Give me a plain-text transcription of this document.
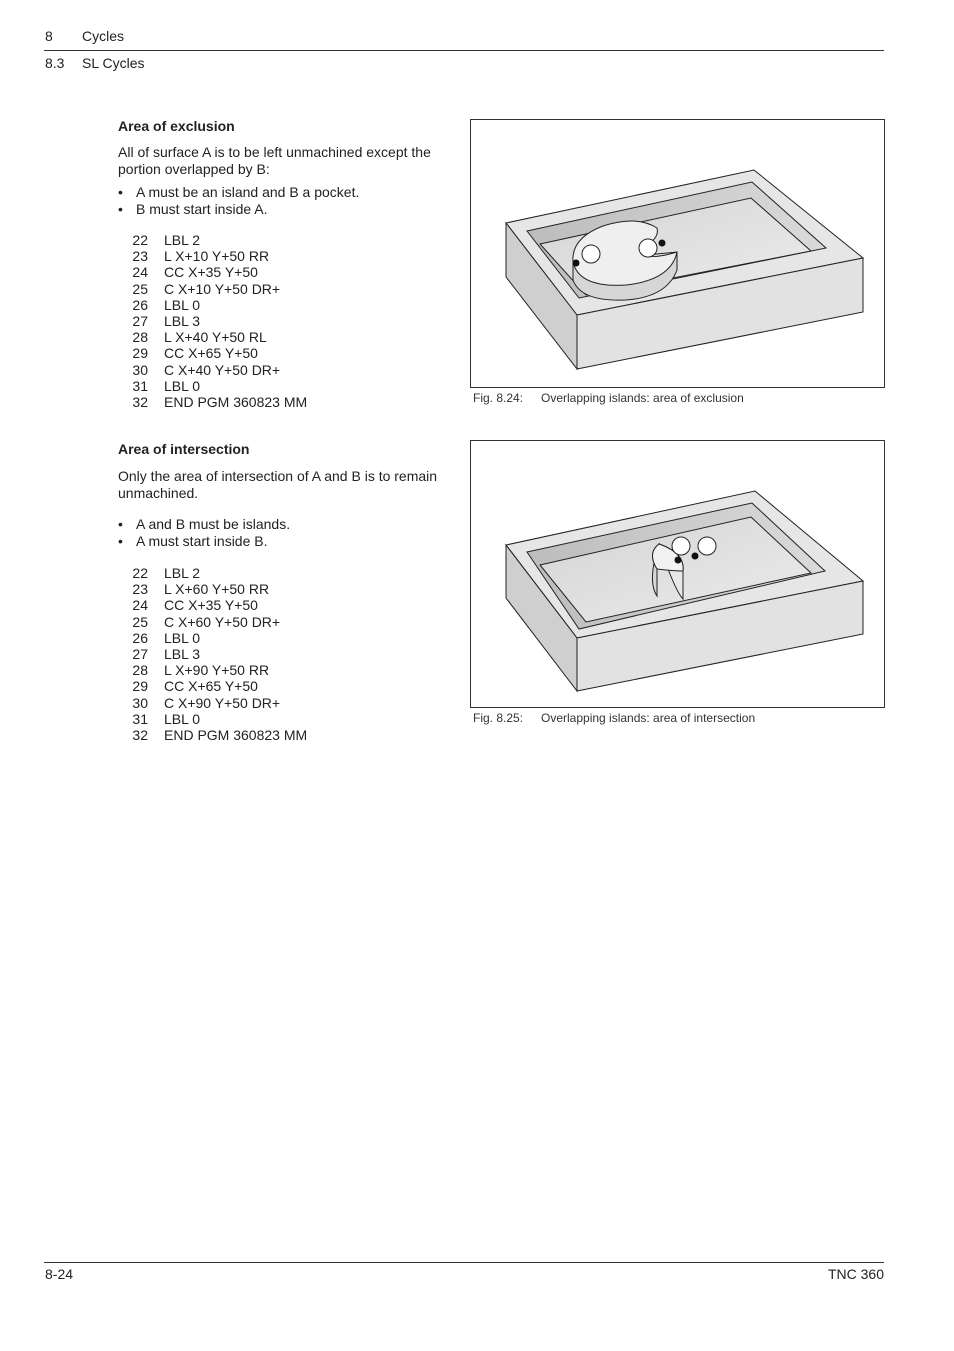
8 Cycles
8.3 SL Cycles
Area of exclusion
All of surface A is to be left unmachined except the portion overlapped by B:
• A must be an island and B a pocket.
• B must start inside A.
22 LBL 2
23 L X+10 Y+50 RR
24 CC X+35 Y+50
25 C X+10 Y+50 DR+
26 LBL 0
27 LBL 3
28 L X+40 Y+50 RL
29 CC X+65 Y+50
30 C X+40 Y+50 DR+
31 LBL 0
32 END PGM 360823 MM	Fig. 8.24: Overlapping islands: area of exclusion
Area of intersection
Only the area of intersection of A and B is to remain unmachined.
• A and B must be islands.
• A must start inside B.
22 LBL 2
23 L X+60 Y+50 RR
24 CC X+35 Y+50
25 C X+60 Y+50 DR+
26 LBL 0
27 LBL 3
28 L X+90 Y+50 RR
29 CC X+65 Y+50
30 C X+90 Y+50 DR+
31 LBL 0
32 END PGM 360823 MM
Fig. 8.25: Overlapping islands: area of intersection
8-24	TNC 360
